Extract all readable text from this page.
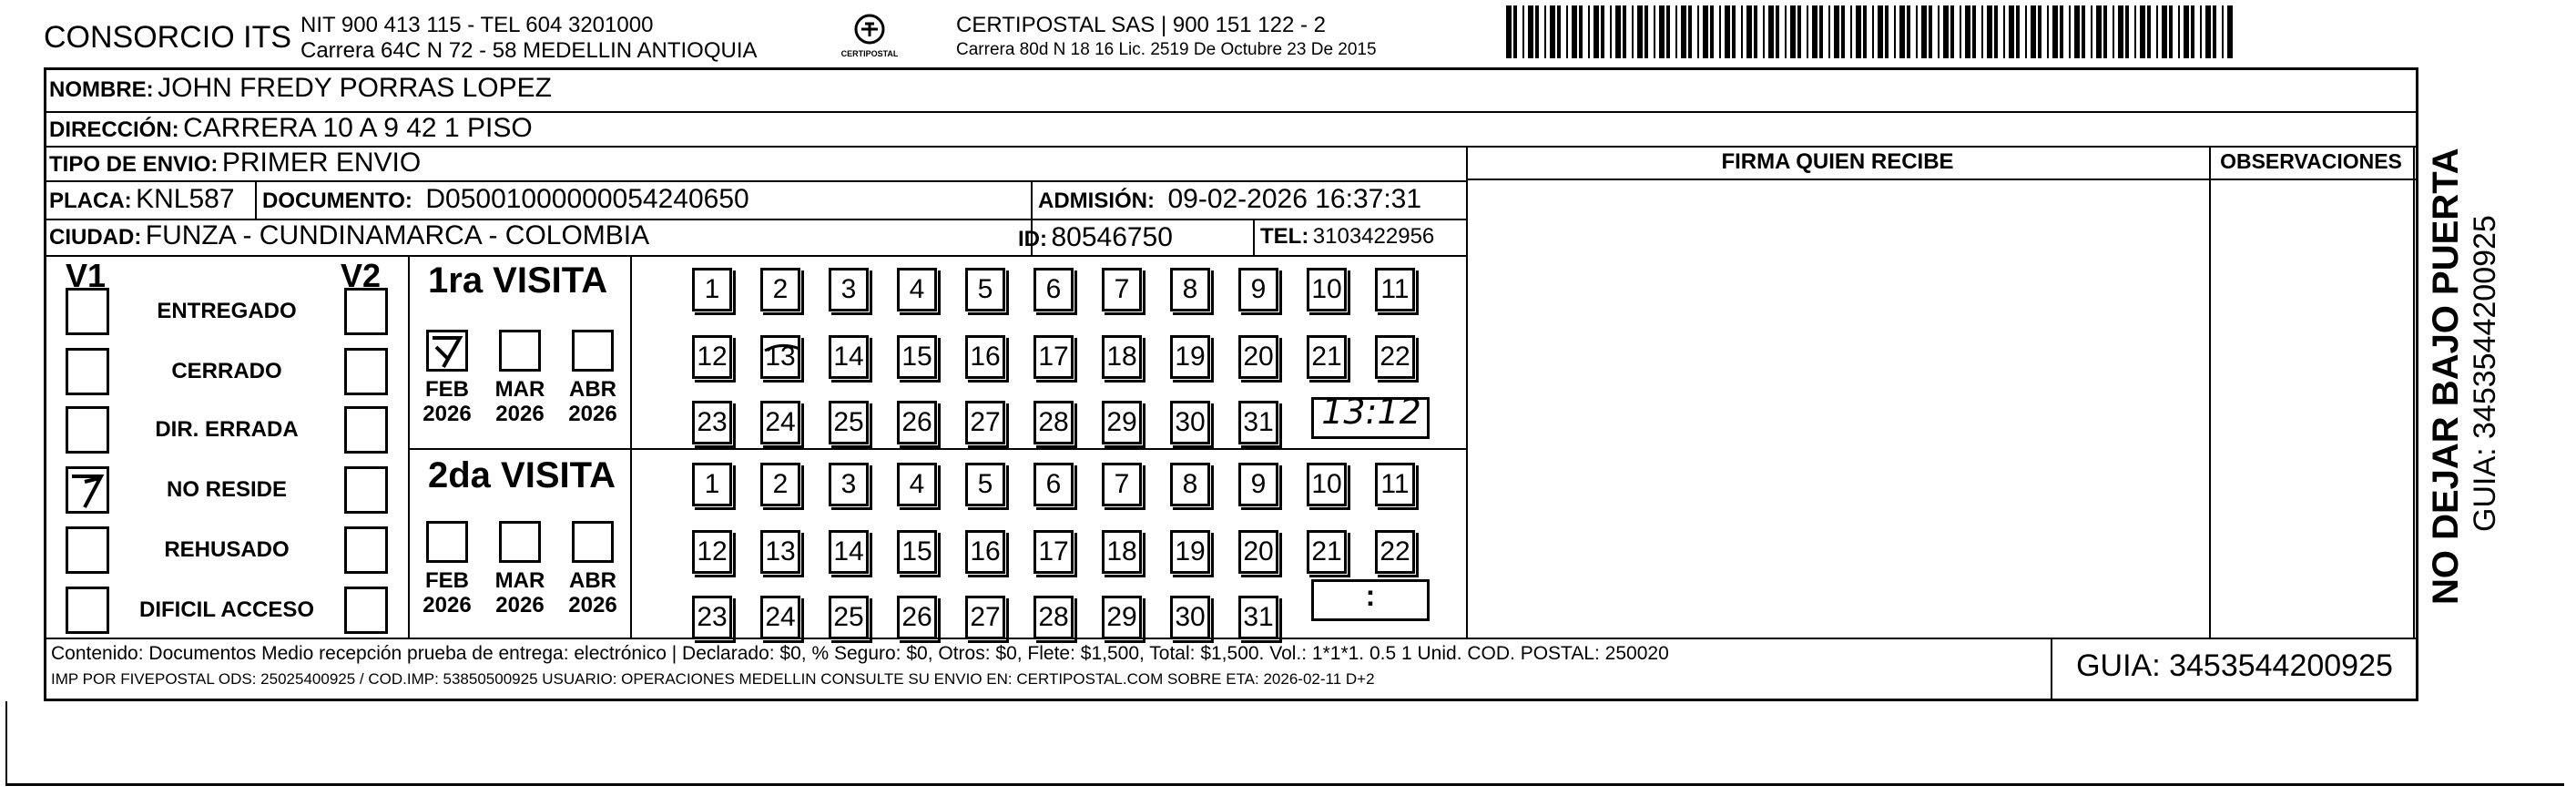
CONSORCIO ITS NIT 900 413 115 - TEL 604 3201000
Carrera 64C N 72 - 58 MEDELLIN ANTIOQUIA	CERTIPOSTAL
CERTIPOSTAL SAS | 900 151 122 - 2
Carrera 80d N 18 16 Lic. 2519 De Octubre 23 De 2015
NOMBRE: JOHN FREDY PORRAS LOPEZ
DIRECCIÓN: CARRERA 10 A 9 42 1 PISO
TIPO DE ENVIO: PRIMER ENVIO
PLACA: KNL587 DOCUMENTO: D05001000000054240650	ADMISIÓN: 09-02-2026 16:37:31
CIUDAD: FUNZA - CUNDINAMARCA - COLOMBIA	ID: 80546750	TEL: 3103422956
FIRMA QUIEN RECIBE	OBSERVACIONES
V1	V2
ENTREGADO
CERRADO
DIR. ERRADA
NO RESIDE
REHUSADO
DIFICIL ACCESO
1ra VISITA
FEB
2026
MAR
2026
ABR
2026
1	2	3	4	5	6	7	8	9	10 11
12 13 14 15 16 17 18 19 20 21 22
23 24 25 26 27 28 29 30 31
2da VISITA
FEB
2026
MAR
2026
ABR
2026
1	2	3	4	5	6	7	8	9	10 11
12 13 14 15 16 17 18 19 20 21 22
23 24 25 26 27 28 29 30 31
13:12
:
Contenido: Documentos Medio recepción prueba de entrega: electrónico | Declarado: $0, % Seguro: $0, Otros: $0, Flete: $1,500, Total: $1,500. Vol.: 1*1*1. 0.5 1 Unid. COD. POSTAL: 250020
IMP POR FIVEPOSTAL ODS: 25025400925 / COD.IMP: 53850500925 USUARIO: OPERACIONES MEDELLIN CONSULTE SU ENVIO EN: CERTIPOSTAL.COM SOBRE ETA: 2026-02-11 D+2	GUIA: 3453544200925
NO DEJAR BAJO PUERTA GUIA: 3453544200925
